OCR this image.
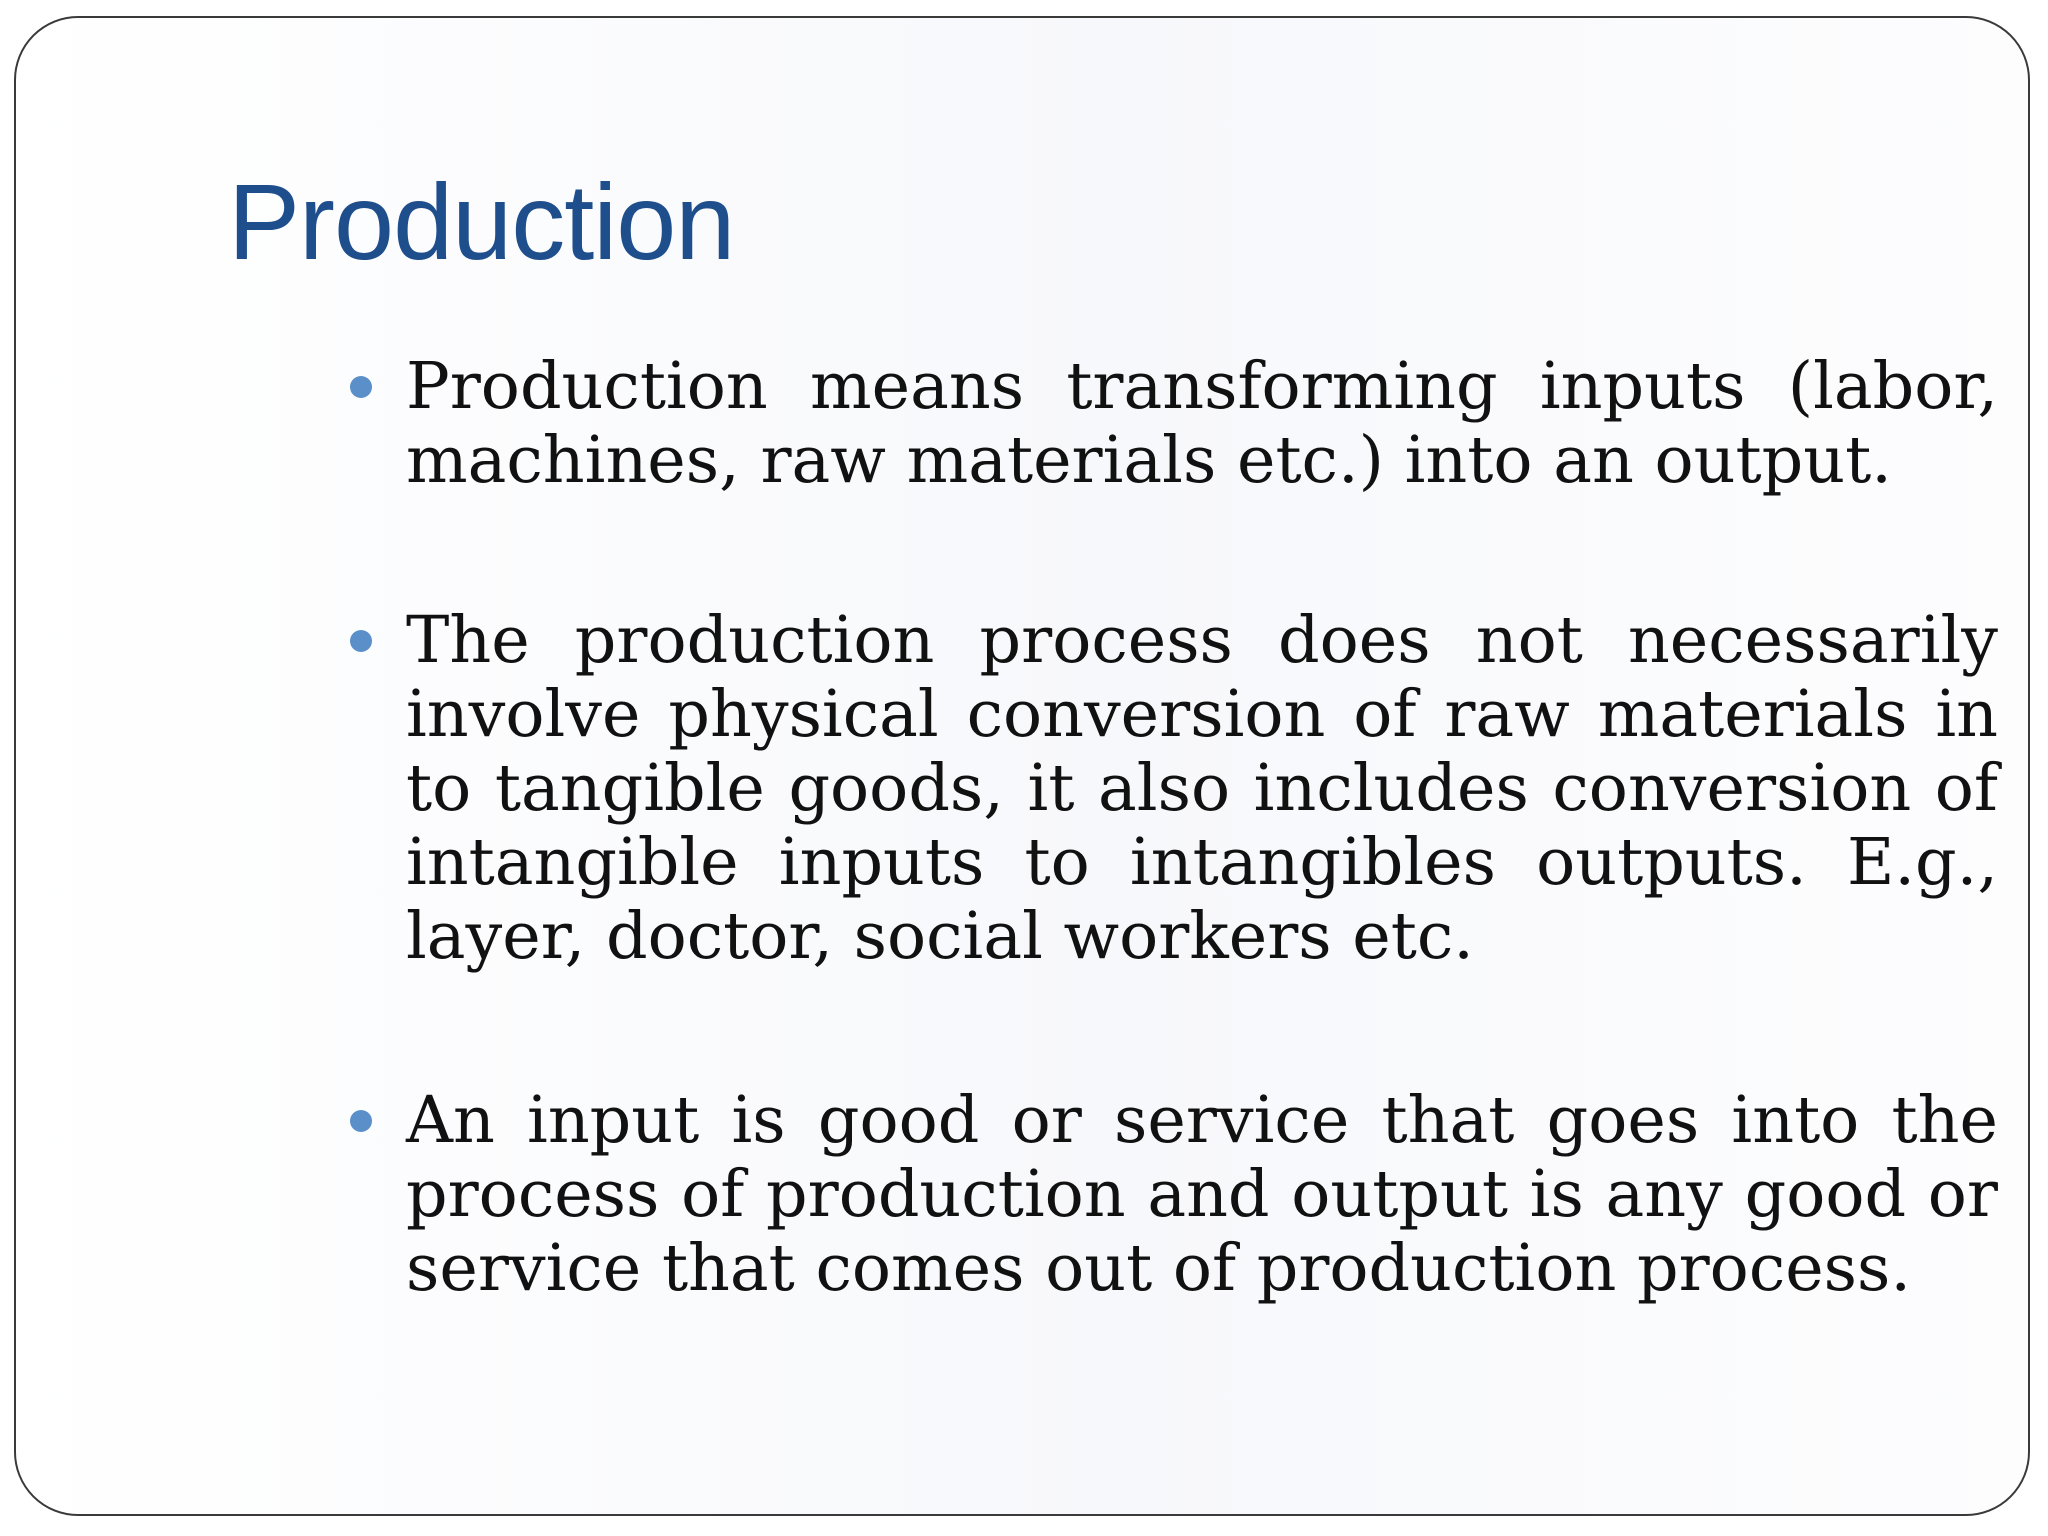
Production
Production means transforming inputs (labor, machines, raw materials etc.) into an output.
The production process does not necessarily involve physical conversion of raw materials in to tangible goods, it also includes conversion of intangible inputs to intangibles outputs. E.g., layer, doctor, social workers etc.
An input is good or service that goes into the process of production and output is any good or service that comes out of production process.
